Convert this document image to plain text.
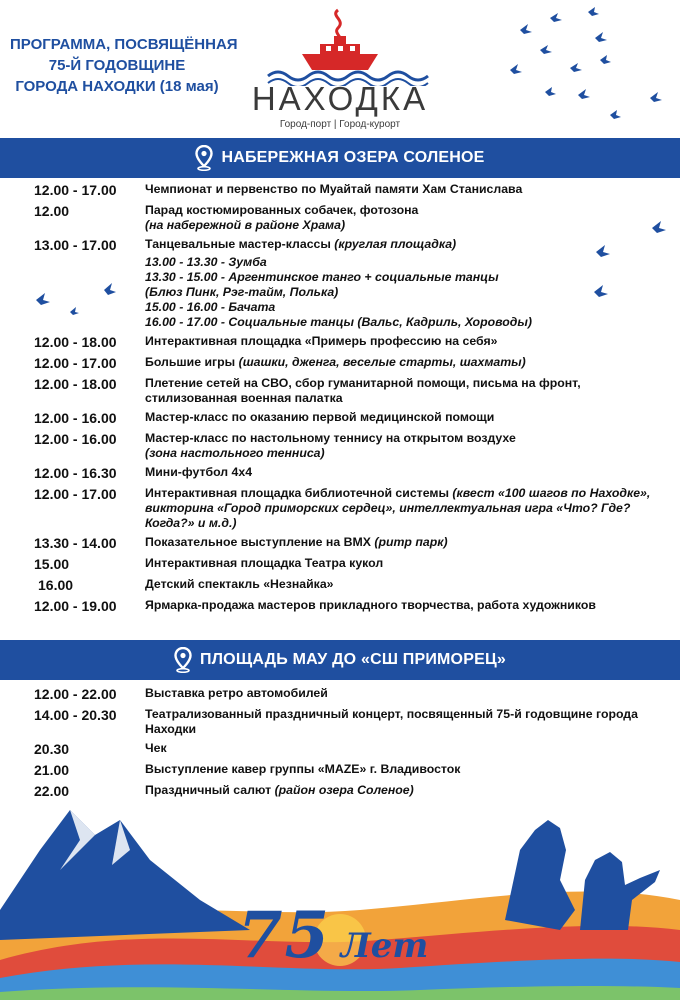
ПРОГРАММА, ПОСВЯЩЁННАЯ
75-Й ГОДОВЩИНЕ
ГОРОДА НАХОДКИ (18 мая) НАХОДКА
Город-порт | Город-курорт
НАБЕРЕЖНАЯ ОЗЕРА СОЛЕНОЕ
12.00 - 17.00	Чемпионат и первенство по Муайтай памяти Хам Станислава
12.00	Парад костюмированных собачек, фотозона
(на набережной в районе Храма)
13.00 - 17.00	Танцевальные мастер-классы (круглая площадка)
13.00 - 13.30 - Зумба
13.30 - 15.00 - Аргентинское танго + социальные танцы
(Блюз Пинк, Рэг-тайм, Полька)
15.00 - 16.00 - Бачата
16.00 - 17.00 - Социальные танцы (Вальс, Кадриль, Хороводы)
12.00 - 18.00	Интерактивная площадка «Примерь профессию на себя»
12.00 - 17.00	Большие игры (шашки, дженга, веселые старты, шахматы)
12.00 - 18.00	Плетение сетей на СВО, сбор гуманитарной помощи, письма на фронт, стилизованная военная палатка
12.00 - 16.00	Мастер-класс по оказанию первой медицинской помощи
12.00 - 16.00	Мастер-класс по настольному теннису на открытом воздухе
(зона настольного тенниса)
12.00 - 16.30	Мини-футбол 4x4
12.00 - 17.00	Интерактивная площадка библиотечной системы (квест «100 шагов по Находке», викторина «Город приморских сердец», интеллектуальная игра «Что? Где? Когда?» и м.д.)
13.30 - 14.00	Показательное выступление на BMX (ритр парк)
15.00	Интерактивная площадка Театра кукол
16.00	Детский спектакль «Незнайка»
12.00 - 19.00	Ярмарка-продажа мастеров прикладного творчества, работа художников
ПЛОЩАДЬ МАУ ДО «СШ ПРИМОРЕЦ»
12.00 - 22.00	Выставка ретро автомобилей
14.00 - 20.30	Театрализованный праздничный концерт, посвященный 75-й годовщине города Находки
20.30	Чек
21.00	Выступление кавер группы «MAZE» г. Владивосток
22.00	Праздничный салют (район озера Соленое)
75 Лет
